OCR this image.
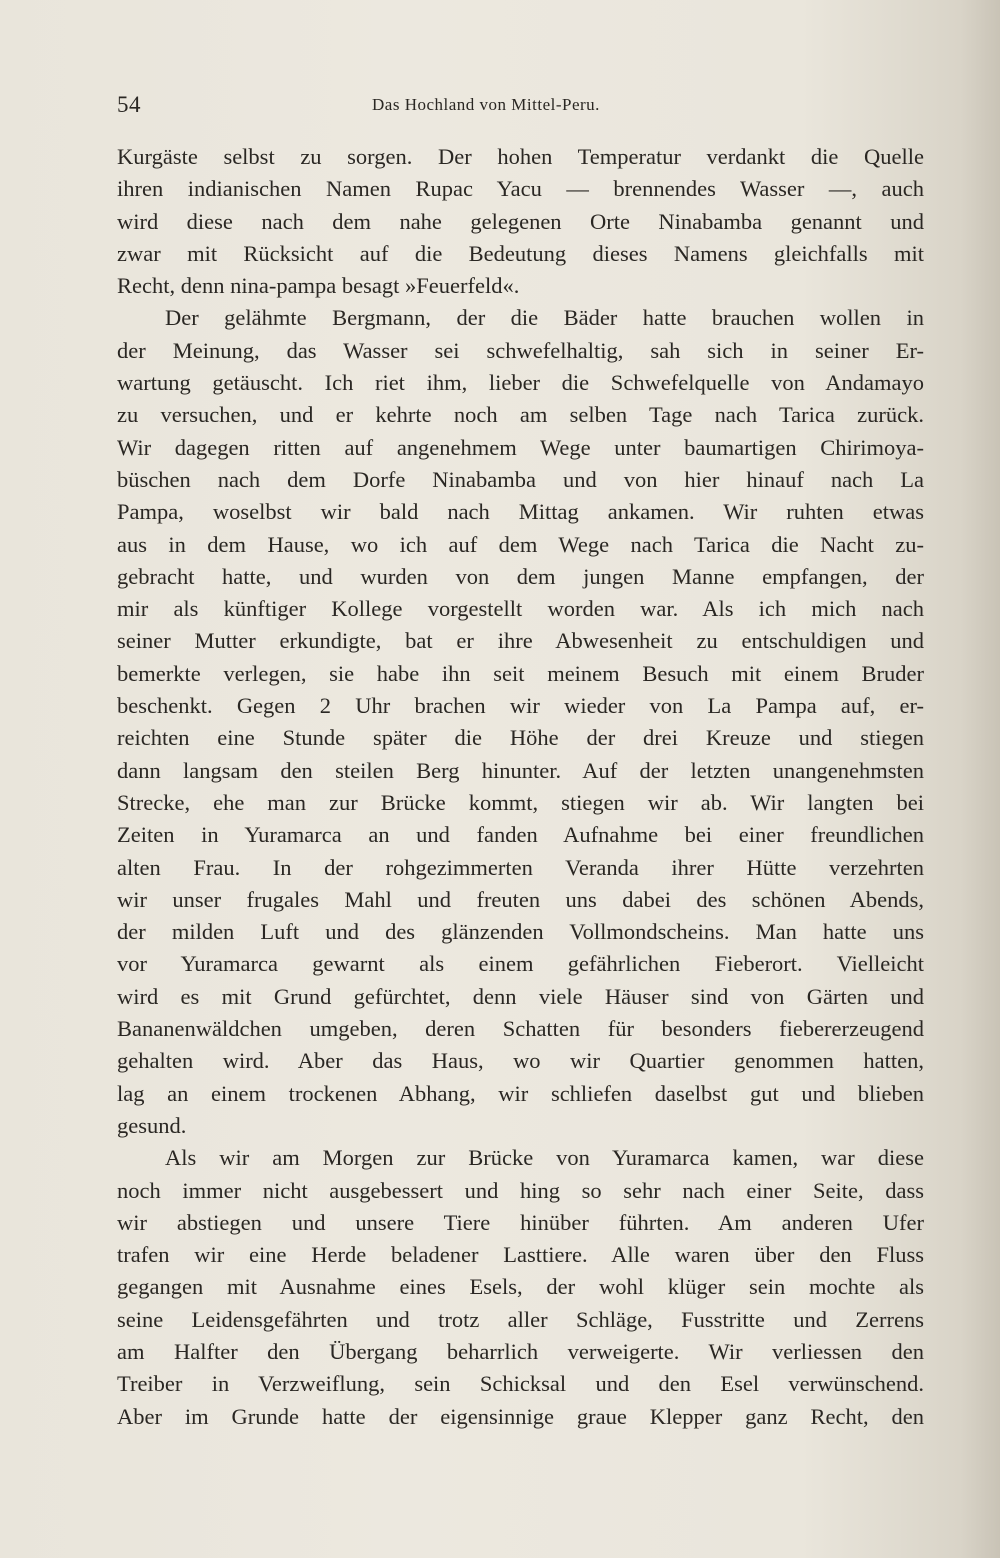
54	Das Hochland von Mittel-Peru.
Kurgäste selbst zu sorgen. Der hohen Temperatur verdankt die Quelle
ihren indianischen Namen Rupac Yacu — brennendes Wasser —, auch
wird diese nach dem nahe gelegenen Orte Ninabamba genannt und
zwar mit Rücksicht auf die Bedeutung dieses Namens gleichfalls mit
Recht, denn nina-pampa besagt »Feuerfeld«.
Der gelähmte Bergmann, der die Bäder hatte brauchen wollen in
der Meinung, das Wasser sei schwefelhaltig, sah sich in seiner Er-
wartung getäuscht. Ich riet ihm, lieber die Schwefelquelle von Andamayo
zu versuchen, und er kehrte noch am selben Tage nach Tarica zurück.
Wir dagegen ritten auf angenehmem Wege unter baumartigen Chirimoya-
büschen nach dem Dorfe Ninabamba und von hier hinauf nach La
Pampa, woselbst wir bald nach Mittag ankamen. Wir ruhten etwas
aus in dem Hause, wo ich auf dem Wege nach Tarica die Nacht zu-
gebracht hatte, und wurden von dem jungen Manne empfangen, der
mir als künftiger Kollege vorgestellt worden war. Als ich mich nach
seiner Mutter erkundigte, bat er ihre Abwesenheit zu entschuldigen und
bemerkte verlegen, sie habe ihn seit meinem Besuch mit einem Bruder
beschenkt. Gegen 2 Uhr brachen wir wieder von La Pampa auf, er-
reichten eine Stunde später die Höhe der drei Kreuze und stiegen
dann langsam den steilen Berg hinunter. Auf der letzten unangenehmsten
Strecke, ehe man zur Brücke kommt, stiegen wir ab. Wir langten bei
Zeiten in Yuramarca an und fanden Aufnahme bei einer freundlichen
alten Frau. In der rohgezimmerten Veranda ihrer Hütte verzehrten
wir unser frugales Mahl und freuten uns dabei des schönen Abends,
der milden Luft und des glänzenden Vollmondscheins. Man hatte uns
vor Yuramarca gewarnt als einem gefährlichen Fieberort. Vielleicht
wird es mit Grund gefürchtet, denn viele Häuser sind von Gärten und
Bananenwäldchen umgeben, deren Schatten für besonders fiebererzeugend
gehalten wird. Aber das Haus, wo wir Quartier genommen hatten,
lag an einem trockenen Abhang, wir schliefen daselbst gut und blieben
gesund.
Als wir am Morgen zur Brücke von Yuramarca kamen, war diese
noch immer nicht ausgebessert und hing so sehr nach einer Seite, dass
wir abstiegen und unsere Tiere hinüber führten. Am anderen Ufer
trafen wir eine Herde beladener Lasttiere. Alle waren über den Fluss
gegangen mit Ausnahme eines Esels, der wohl klüger sein mochte als
seine Leidensgefährten und trotz aller Schläge, Fusstritte und Zerrens
am Halfter den Übergang beharrlich verweigerte. Wir verliessen den
Treiber in Verzweiflung, sein Schicksal und den Esel verwünschend.
Aber im Grunde hatte der eigensinnige graue Klepper ganz Recht, den
